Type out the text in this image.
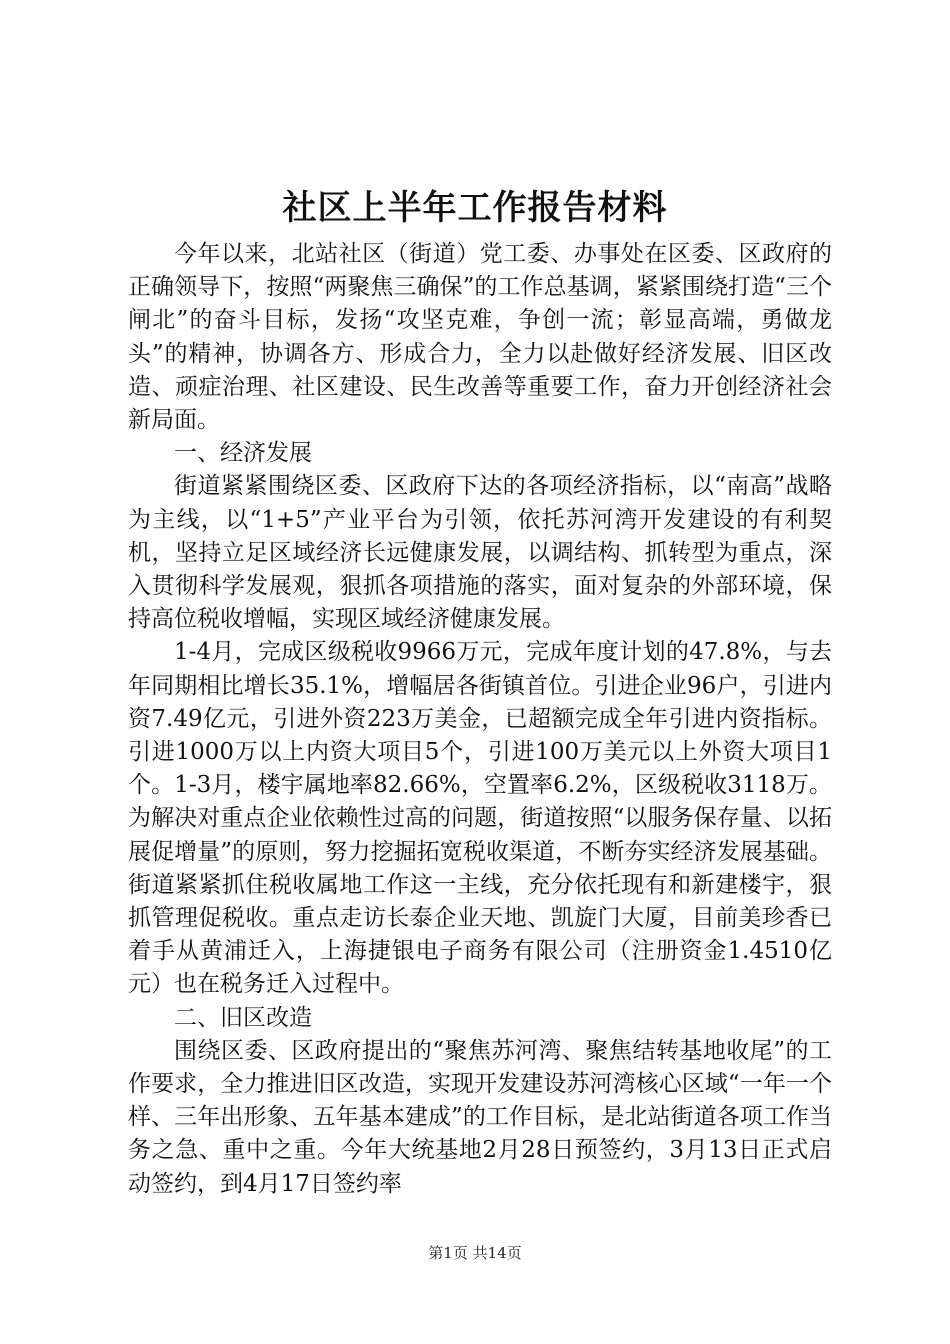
社区上半年工作报告材料

今年以来，北站社区（街道）党工委、办事处在区委、区政府的正确领导下，按照“两聚焦三确保”的工作总基调，紧紧围绕打造“三个闸北”的奋斗目标，发扬“攻坚克难，争创一流；彰显高端，勇做龙头”的精神，协调各方、形成合力，全力以赴做好经济发展、旧区改造、顽症治理、社区建设、民生改善等重要工作，奋力开创经济社会新局面。

一、经济发展

街道紧紧围绕区委、区政府下达的各项经济指标，以“南高”战略为主线，以“1+5”产业平台为引领，依托苏河湾开发建设的有利契机，坚持立足区域经济长远健康发展，以调结构、抓转型为重点，深入贯彻科学发展观，狠抓各项措施的落实，面对复杂的外部环境，保持高位税收增幅，实现区域经济健康发展。

1-4月，完成区级税收9966万元，完成年度计划的47.8%，与去年同期相比增长35.1%，增幅居各街镇首位。引进企业96户，引进内资7.49亿元，引进外资223万美金，已超额完成全年引进内资指标。引进1000万以上内资大项目5个，引进100万美元以上外资大项目1个。1-3月，楼宇属地率82.66%，空置率6.2%，区级税收3118万。为解决对重点企业依赖性过高的问题，街道按照“以服务保存量、以拓展促增量”的原则，努力挖掘拓宽税收渠道，不断夯实经济发展基础。街道紧紧抓住税收属地工作这一主线，充分依托现有和新建楼宇，狠抓管理促税收。重点走访长泰企业天地、凯旋门大厦，目前美珍香已着手从黄浦迁入，上海捷银电子商务有限公司（注册资金1.4510亿元）也在税务迁入过程中。

二、旧区改造

围绕区委、区政府提出的“聚焦苏河湾、聚焦结转基地收尾”的工作要求，全力推进旧区改造，实现开发建设苏河湾核心区域“一年一个样、三年出形象、五年基本建成”的工作目标，是北站街道各项工作当务之急、重中之重。今年大统基地2月28日预签约，3月13日正式启动签约，到4月17日签约率

第1页 共14页
